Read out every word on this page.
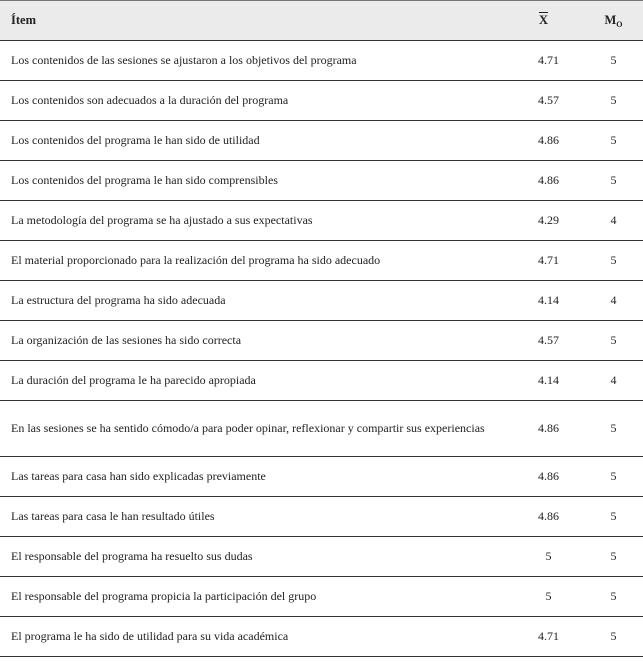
Ítem	$\overline{X}$	$M_O$
Los contenidos de las sesiones se ajustaron a los objetivos del programa	4.71	5
Los contenidos son adecuados a la duración del programa	4.57	5
Los contenidos del programa le han sido de utilidad	4.86	5
Los contenidos del programa le han sido comprensibles	4.86	5
La metodología del programa se ha ajustado a sus expectativas	4.29	4
El material proporcionado para la realización del programa ha sido adecuado	4.71	5
La estructura del programa ha sido adecuada	4.14	4
La organización de las sesiones ha sido correcta	4.57	5
La duración del programa le ha parecido apropiada	4.14	4
En las sesiones se ha sentido cómodo/a para poder opinar, reflexionar y compartir sus experiencias	4.86	5
Las tareas para casa han sido explicadas previamente	4.86	5
Las tareas para casa le han resultado útiles	4.86	5
El responsable del programa ha resuelto sus dudas	5	5
El responsable del programa propicia la participación del grupo	5	5
El programa le ha sido de utilidad para su vida académica	4.71	5
